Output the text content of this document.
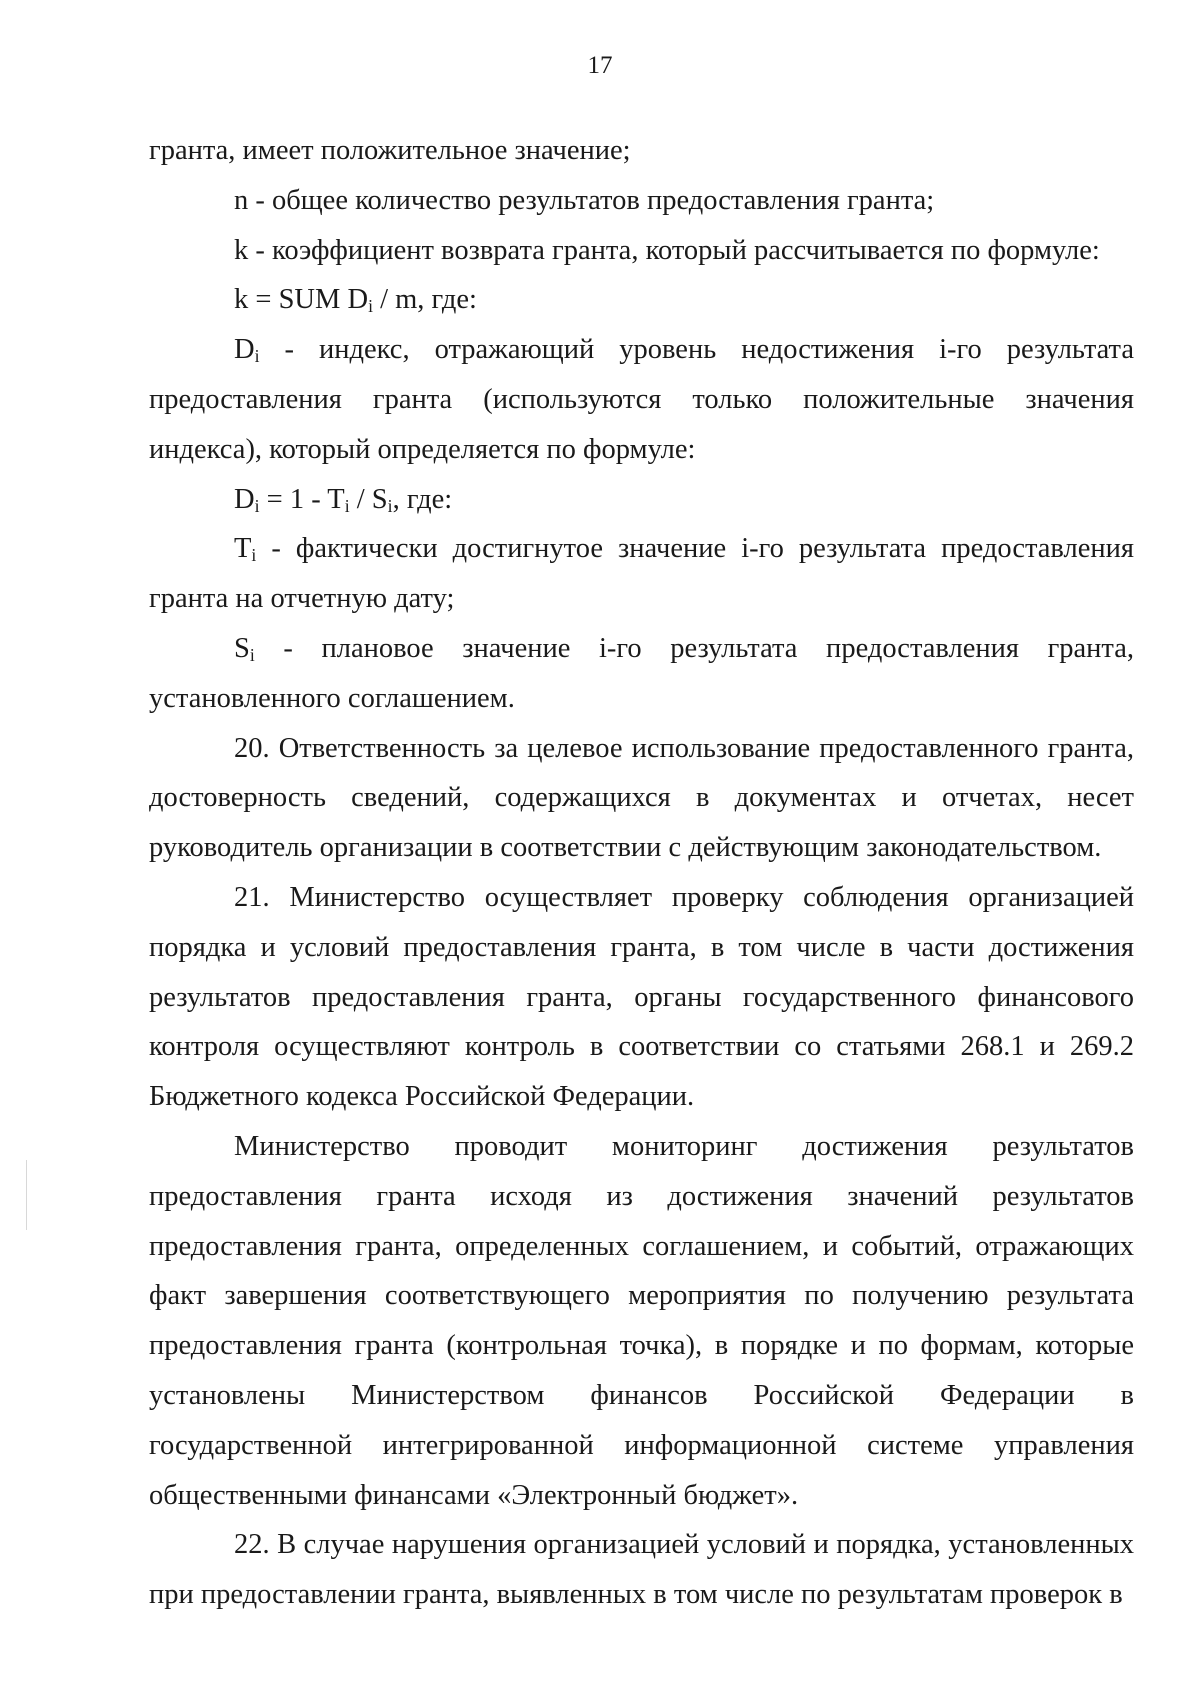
17

гранта, имеет положительное значение;

n - общее количество результатов предоставления гранта;

k - коэффициент возврата гранта, который рассчитывается по формуле:

k = SUM $D_i$ / m, где:

$D_i$ - индекс, отражающий уровень недостижения i-го результата предоставления гранта (используются только положительные значения индекса), который определяется по формуле:

$D_i = 1 - T_i / S_i$, где:

$T_i$ - фактически достигнутое значение i-го результата предоставления гранта на отчетную дату;

$S_i$ - плановое значение i-го результата предоставления гранта, установленного соглашением.

20. Ответственность за целевое использование предоставленного гранта, достоверность сведений, содержащихся в документах и отчетах, несет руководитель организации в соответствии с действующим законодательством.

21. Министерство осуществляет проверку соблюдения организацией порядка и условий предоставления гранта, в том числе в части достижения результатов предоставления гранта, органы государственного финансового контроля осуществляют контроль в соответствии со статьями 268.1 и 269.2 Бюджетного кодекса Российской Федерации.

Министерство проводит мониторинг достижения результатов предоставления гранта исходя из достижения значений результатов предоставления гранта, определенных соглашением, и событий, отражающих факт завершения соответствующего мероприятия по получению результата предоставления гранта (контрольная точка), в порядке и по формам, которые установлены Министерством финансов Российской Федерации в государственной интегрированной информационной системе управления общественными финансами «Электронный бюджет».

22. В случае нарушения организацией условий и порядка, установленных при предоставлении гранта, выявленных в том числе по результатам проверок в
